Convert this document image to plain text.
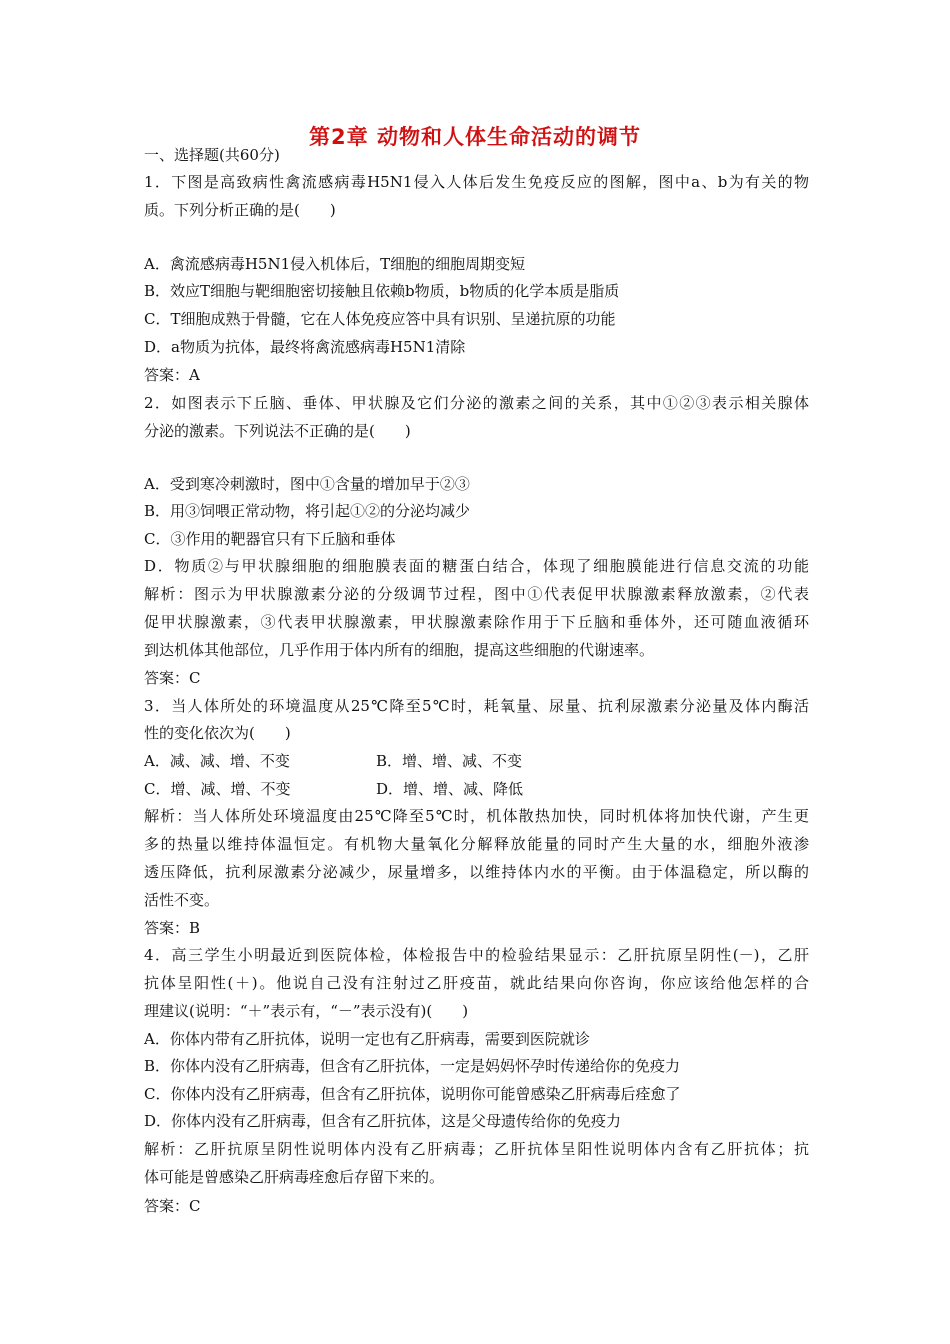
第2章 动物和人体生命活动的调节
一、选择题(共60分)
1．下图是高致病性禽流感病毒H5N1侵入人体后发生免疫反应的图解，图中a、b为有关的物
质。下列分析正确的是(　　)
A．禽流感病毒H5N1侵入机体后，T细胞的细胞周期变短
B．效应T细胞与靶细胞密切接触且依赖b物质，b物质的化学本质是脂质
C．T细胞成熟于骨髓，它在人体免疫应答中具有识别、呈递抗原的功能
D．a物质为抗体，最终将禽流感病毒H5N1清除
答案：A
2．如图表示下丘脑、垂体、甲状腺及它们分泌的激素之间的关系，其中①②③表示相关腺体
分泌的激素。下列说法不正确的是(　　)
A．受到寒冷刺激时，图中①含量的增加早于②③
B．用③饲喂正常动物，将引起①②的分泌均减少
C．③作用的靶器官只有下丘脑和垂体
D．物质②与甲状腺细胞的细胞膜表面的糖蛋白结合，体现了细胞膜能进行信息交流的功能
解析：图示为甲状腺激素分泌的分级调节过程，图中①代表促甲状腺激素释放激素，②代表
促甲状腺激素，③代表甲状腺激素，甲状腺激素除作用于下丘脑和垂体外，还可随血液循环
到达机体其他部位，几乎作用于体内所有的细胞，提高这些细胞的代谢速率。
答案：C
3．当人体所处的环境温度从25℃降至5℃时，耗氧量、尿量、抗利尿激素分泌量及体内酶活
性的变化依次为(　　)
A．减、减、增、不变	B．增、增、减、不变
C．增、减、增、不变	D．增、增、减、降低
解析：当人体所处环境温度由25℃降至5℃时，机体散热加快，同时机体将加快代谢，产生更
多的热量以维持体温恒定。有机物大量氧化分解释放能量的同时产生大量的水，细胞外液渗
透压降低，抗利尿激素分泌减少，尿量增多，以维持体内水的平衡。由于体温稳定，所以酶的
活性不变。
答案：B
4．高三学生小明最近到医院体检，体检报告中的检验结果显示：乙肝抗原呈阴性(－)，乙肝
抗体呈阳性(＋)。他说自己没有注射过乙肝疫苗，就此结果向你咨询，你应该给他怎样的合
理建议(说明：“＋”表示有，“－”表示没有)(　　)
A．你体内带有乙肝抗体，说明一定也有乙肝病毒，需要到医院就诊
B．你体内没有乙肝病毒，但含有乙肝抗体，一定是妈妈怀孕时传递给你的免疫力
C．你体内没有乙肝病毒，但含有乙肝抗体，说明你可能曾感染乙肝病毒后痊愈了
D．你体内没有乙肝病毒，但含有乙肝抗体，这是父母遗传给你的免疫力
解析：乙肝抗原呈阴性说明体内没有乙肝病毒；乙肝抗体呈阳性说明体内含有乙肝抗体；抗
体可能是曾感染乙肝病毒痊愈后存留下来的。
答案：C
